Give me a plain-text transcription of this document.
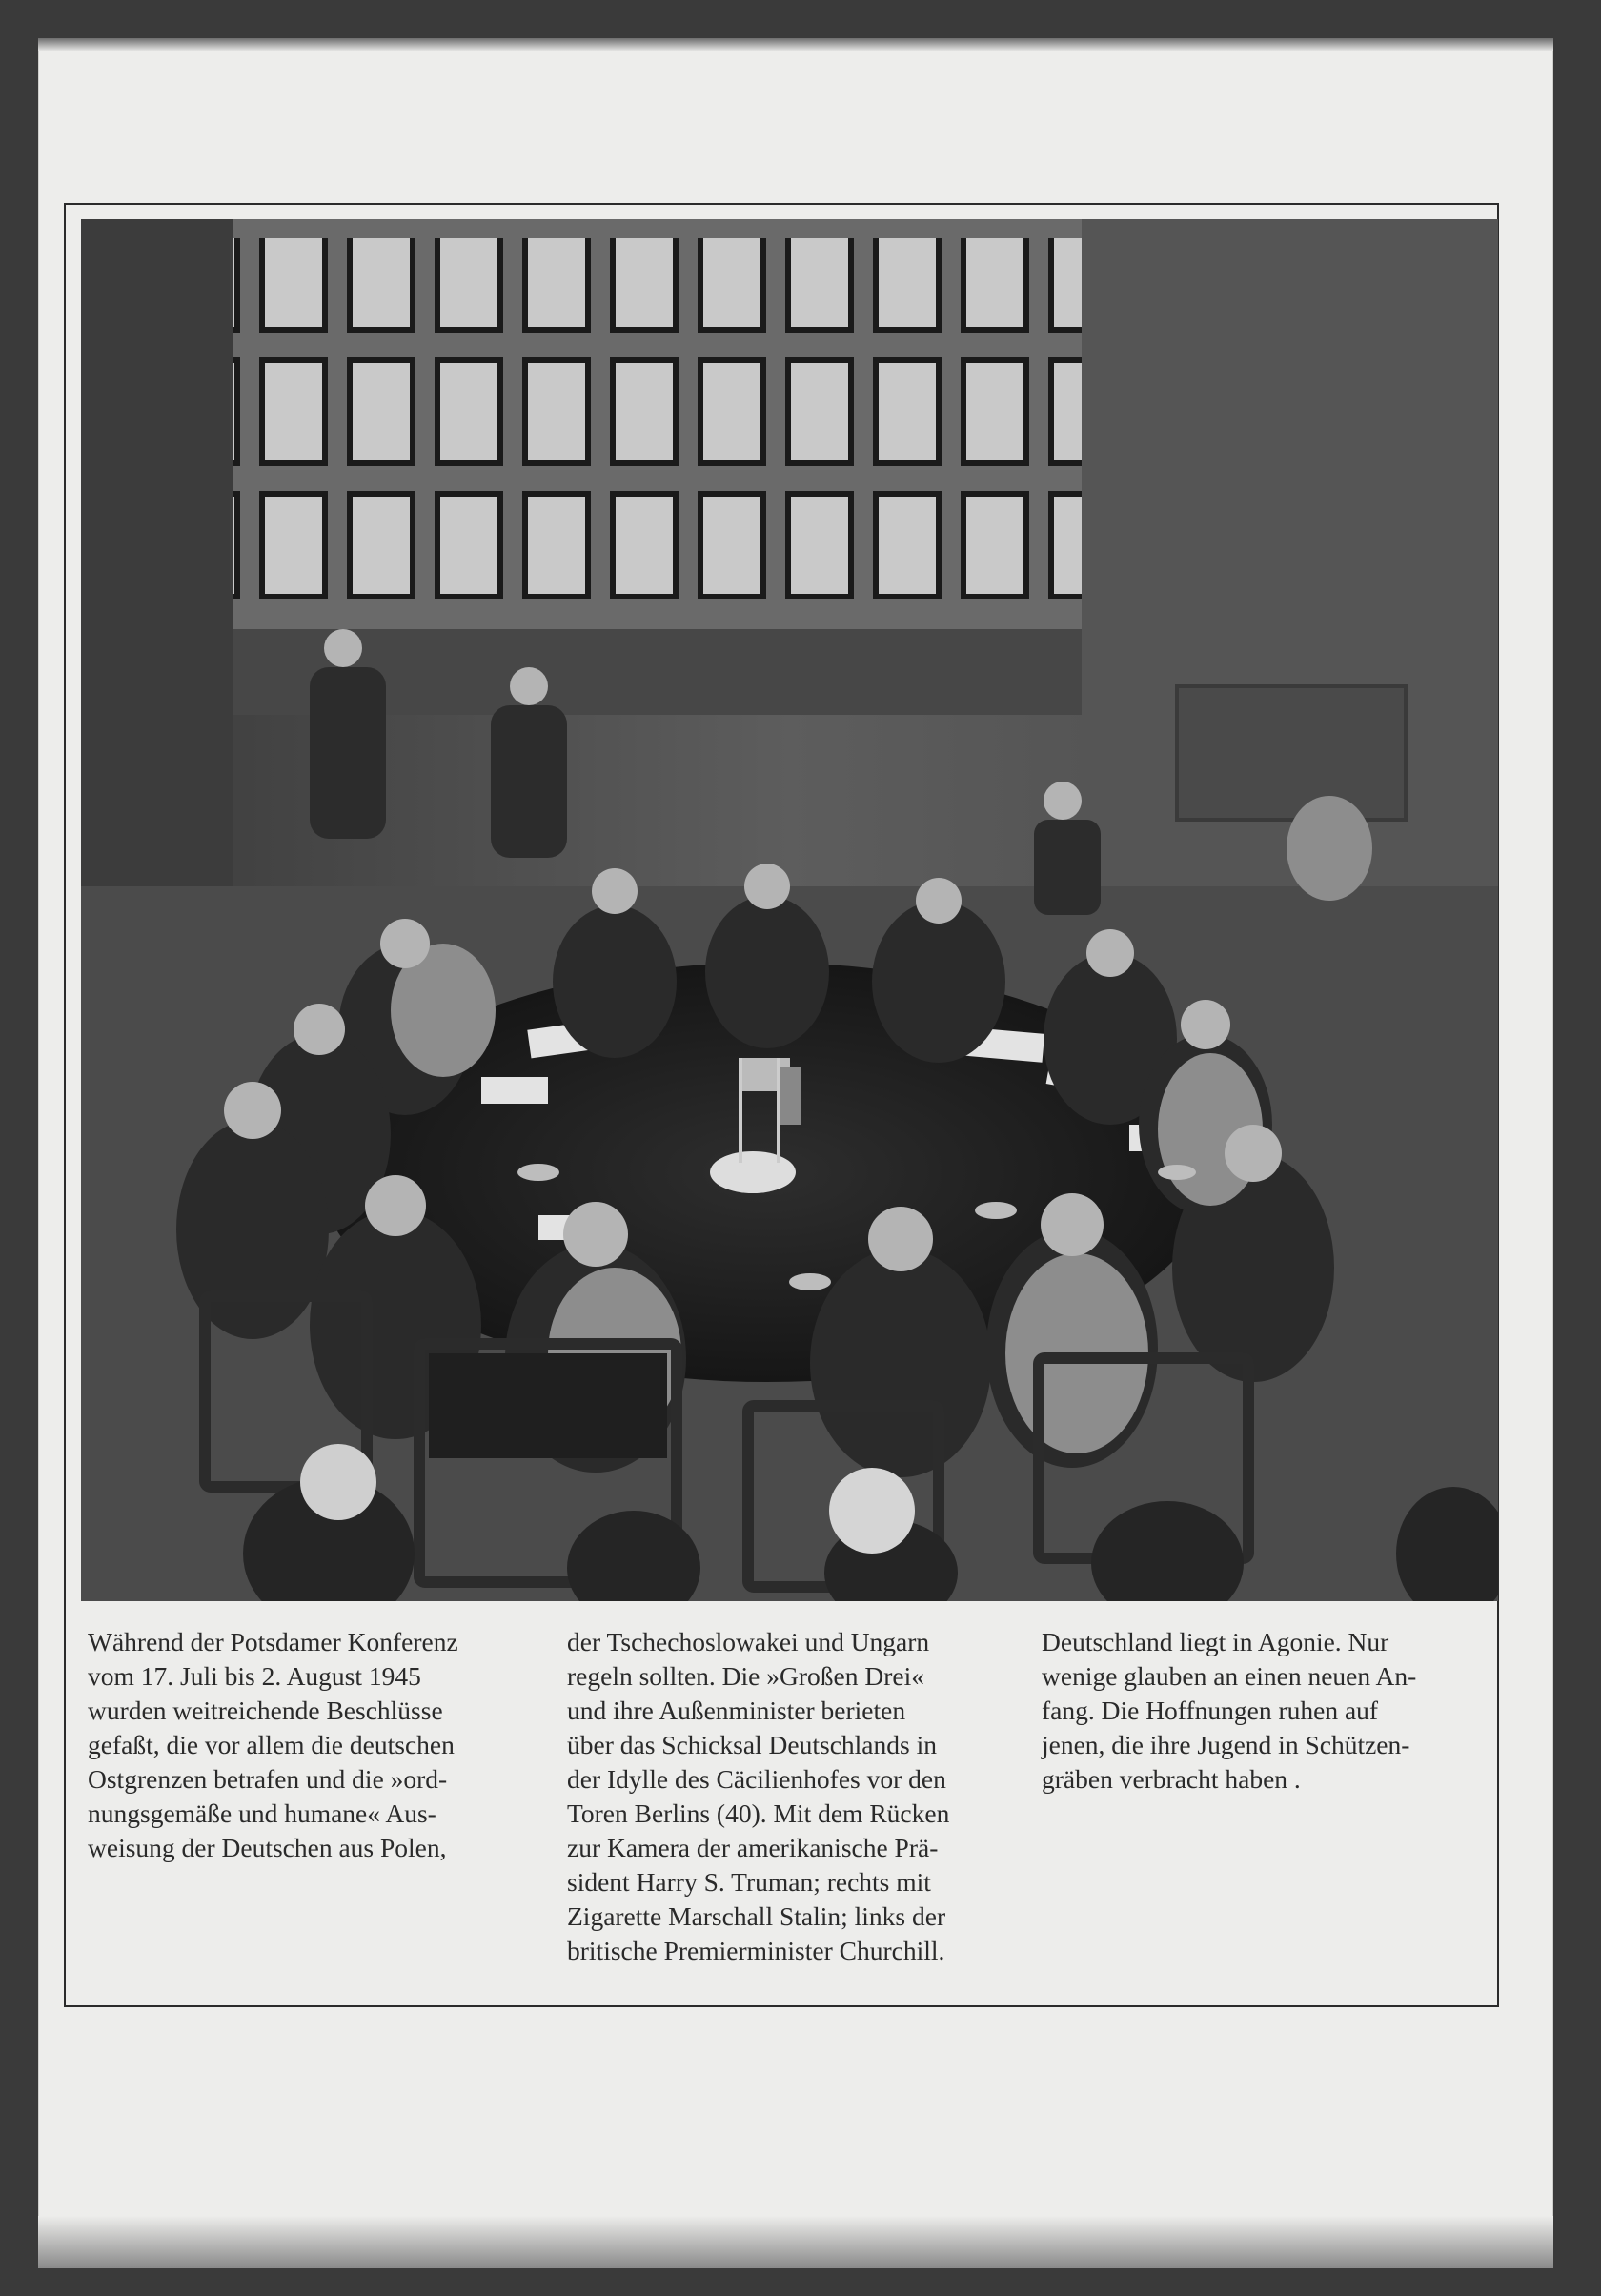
Während der Potsdamer Konferenz
vom 17. Juli bis 2. August 1945
wurden weitreichende Beschlüsse
gefaßt, die vor allem die deutschen
Ostgrenzen betrafen und die »ord-
nungsgemäße und humane« Aus-
weisung der Deutschen aus Polen,
der Tschechoslowakei und Ungarn
regeln sollten. Die »Großen Drei«
und ihre Außenminister berieten
über das Schicksal Deutschlands in
der Idylle des Cäcilienhofes vor den
Toren Berlins (40). Mit dem Rücken
zur Kamera der amerikanische Prä-
sident Harry S. Truman; rechts mit
Zigarette Marschall Stalin; links der
britische Premierminister Churchill.
Deutschland liegt in Agonie. Nur
wenige glauben an einen neuen An-
fang. Die Hoffnungen ruhen auf
jenen, die ihre Jugend in Schützen-
gräben verbracht haben .
